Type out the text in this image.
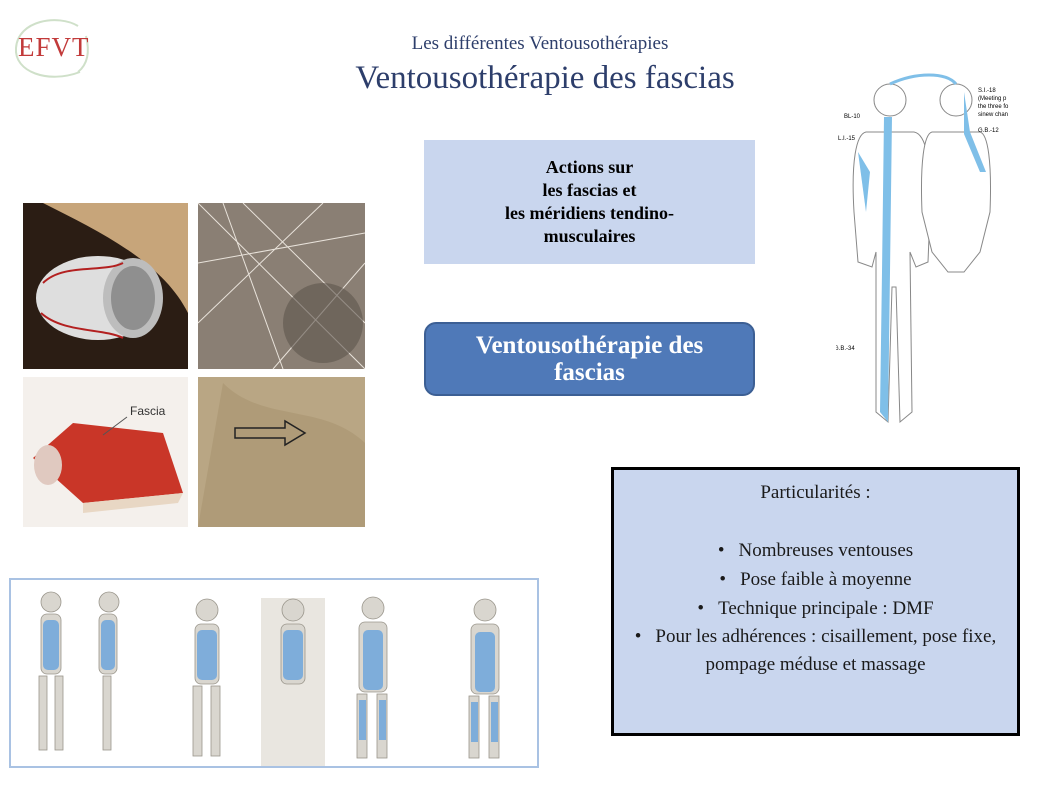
EFVT	Les différentes Ventousothérapies
Ventousothérapie des fascias
Actions sur
les fascias et
les méridiens tendino-
musculaires
Ventousothérapie des
fascias
Fascia
BL-10
L.I.-15
G.B.-34
S.I.-18
(Meeting p
the three fo
sinew chan
G.B.-12
Particularités :
• Nombreuses ventouses
• Pose faible à moyenne
• Technique principale : DMF
• Pour les adhérences : cisaillement, pose fixe, pompage méduse et massage
